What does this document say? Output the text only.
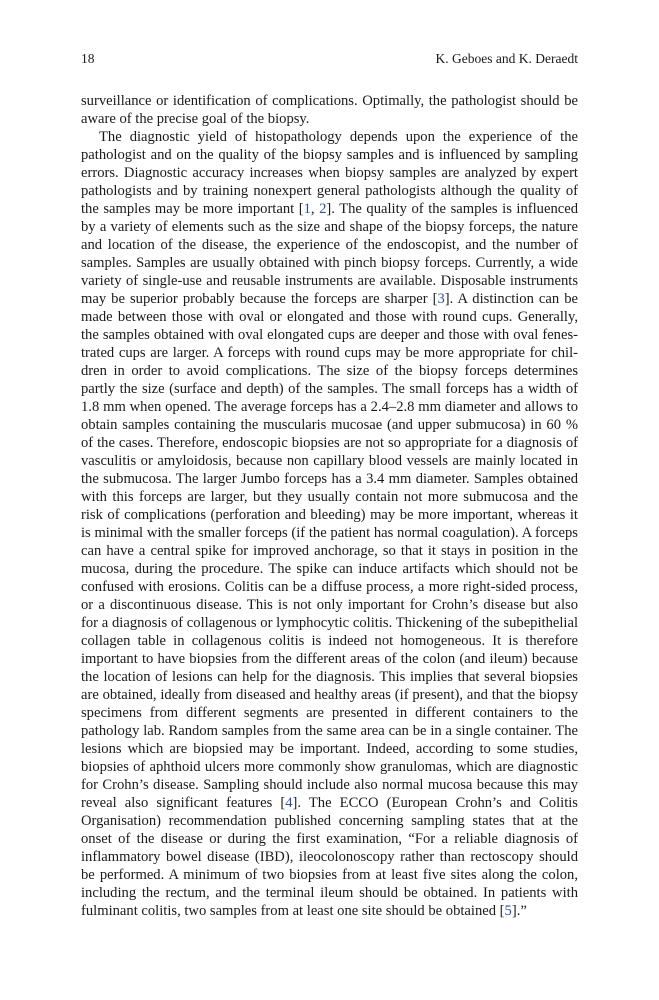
18	K. Geboes and K. Deraedt

surveillance or identification of complications. Optimally, the pathologist should be aware of the precise goal of the biopsy.

The diagnostic yield of histopathology depends upon the experience of the pathologist and on the quality of the biopsy samples and is influenced by sampling errors. Diagnostic accuracy increases when biopsy samples are analyzed by expert pathologists and by training nonexpert general pathologists although the quality of the samples may be more important [1, 2]. The quality of the samples is influenced by a variety of elements such as the size and shape of the biopsy forceps, the nature and location of the disease, the experience of the endoscopist, and the number of samples. Samples are usually obtained with pinch biopsy forceps. Currently, a wide variety of single-use and reusable instruments are available. Disposable instruments may be superior probably because the forceps are sharper [3]. A distinction can be made between those with oval or elongated and those with round cups. Generally, the samples obtained with oval elongated cups are deeper and those with oval fenestrated cups are larger. A forceps with round cups may be more appropriate for children in order to avoid complications. The size of the biopsy forceps determines partly the size (surface and depth) of the samples. The small forceps has a width of 1.8 mm when opened. The average forceps has a 2.4–2.8 mm diameter and allows to obtain samples containing the muscularis mucosae (and upper submucosa) in 60 % of the cases. Therefore, endoscopic biopsies are not so appropriate for a diagnosis of vasculitis or amyloidosis, because non capillary blood vessels are mainly located in the submucosa. The larger Jumbo forceps has a 3.4 mm diameter. Samples obtained with this forceps are larger, but they usually contain not more submucosa and the risk of complications (perforation and bleeding) may be more important, whereas it is minimal with the smaller forceps (if the patient has normal coagulation). A forceps can have a central spike for improved anchorage, so that it stays in position in the mucosa, during the procedure. The spike can induce artifacts which should not be confused with erosions. Colitis can be a diffuse process, a more right-sided process, or a discontinuous disease. This is not only important for Crohn’s disease but also for a diagnosis of collagenous or lymphocytic colitis. Thickening of the subepithelial collagen table in collagenous colitis is indeed not homogeneous. It is therefore important to have biopsies from the different areas of the colon (and ileum) because the location of lesions can help for the diagnosis. This implies that several biopsies are obtained, ideally from diseased and healthy areas (if present), and that the biopsy specimens from different segments are presented in different containers to the pathology lab. Random samples from the same area can be in a single container. The lesions which are biopsied may be important. Indeed, according to some studies, biopsies of aphthoid ulcers more commonly show granulomas, which are diagnostic for Crohn’s disease. Sampling should include also normal mucosa because this may reveal also significant features [4]. The ECCO (European Crohn’s and Colitis Organisation) recommendation published concerning sampling states that at the onset of the disease or during the first examination, “For a reliable diagnosis of inflammatory bowel disease (IBD), ileocolonoscopy rather than rectoscopy should be performed. A minimum of two biopsies from at least five sites along the colon, including the rectum, and the terminal ileum should be obtained. In patients with fulminant colitis, two samples from at least one site should be obtained [5].”
